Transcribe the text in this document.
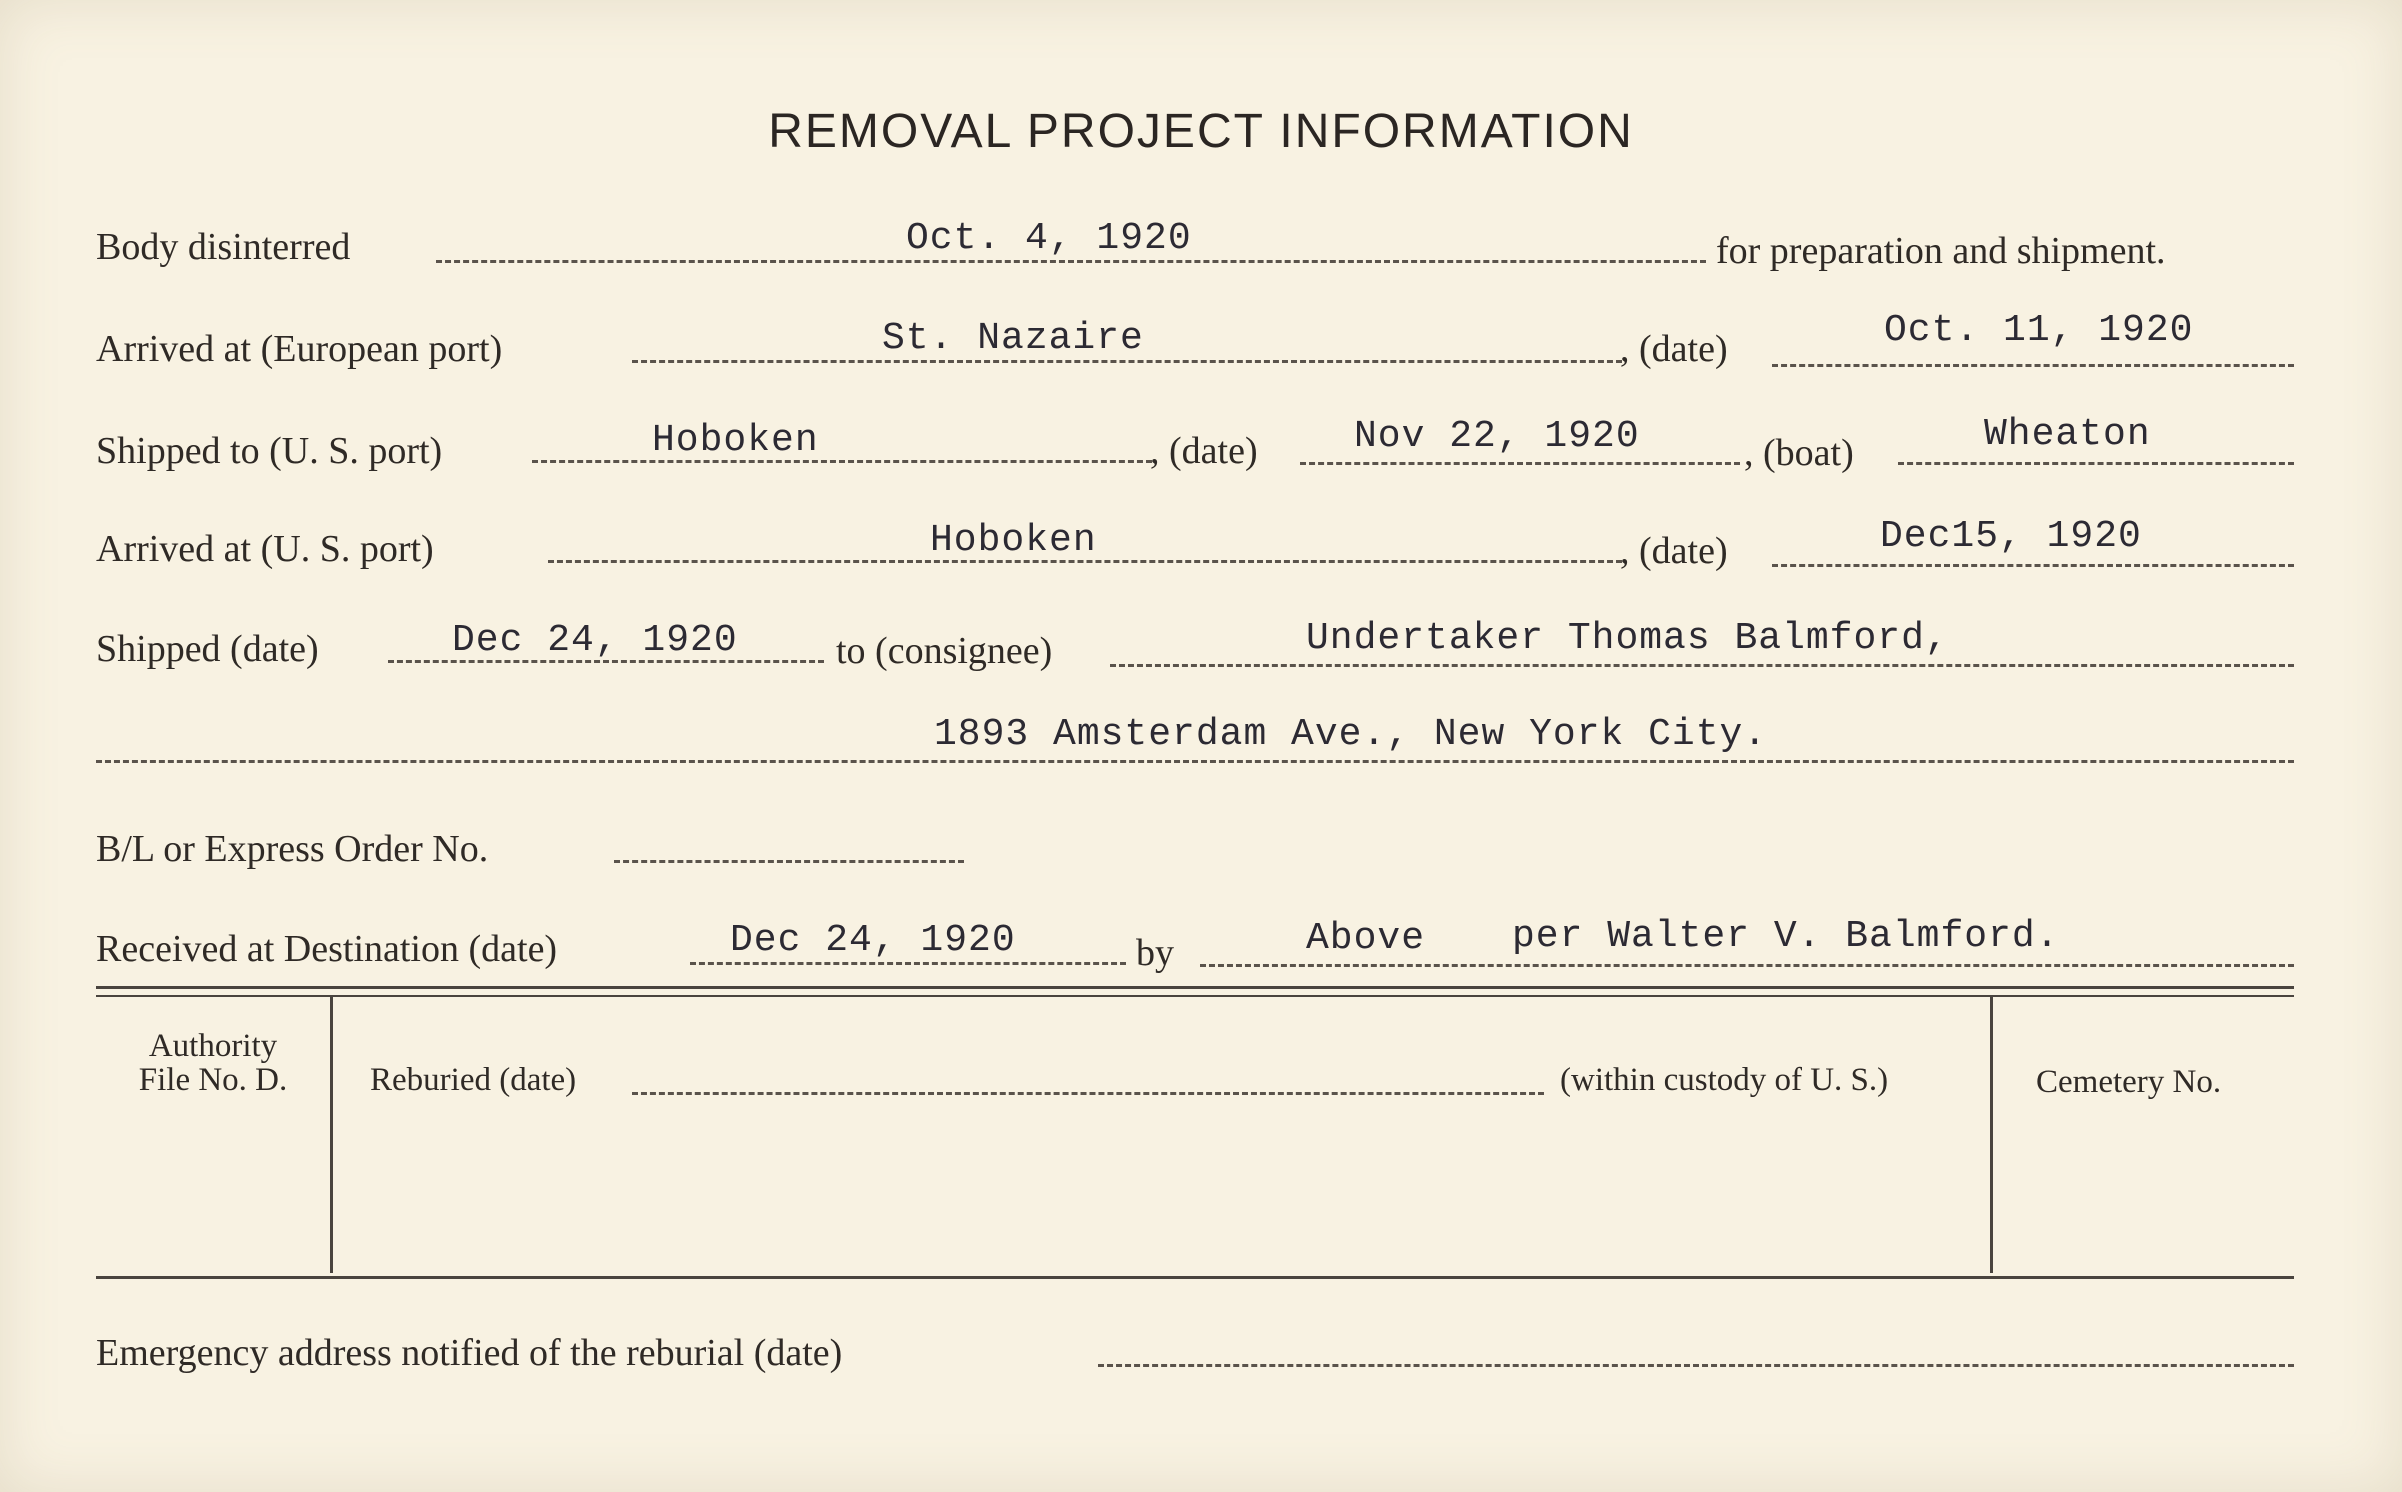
REMOVAL PROJECT INFORMATION
Body disinterred	Oct. 4, 1920	for preparation and shipment.
Arrived at (European port)	St. Nazaire	, (date)	Oct. 11, 1920
Shipped to (U. S. port)	Hoboken	, (date)	Nov 22, 1920	, (boat)	Wheaton
Arrived at (U. S. port)	Hoboken	, (date)	Dec15, 1920
Shipped (date)	Dec 24, 1920	to (consignee)	Undertaker Thomas Balmford,
1893 Amsterdam Ave., New York City.
B/L or Express Order No.
Received at Destination (date)	Dec 24, 1920	by	Above per Walter V. Balmford.
Authority
File No. D.	Reburied (date)	(within custody of U. S.)	Cemetery No.
Emergency address notified of the reburial (date)
